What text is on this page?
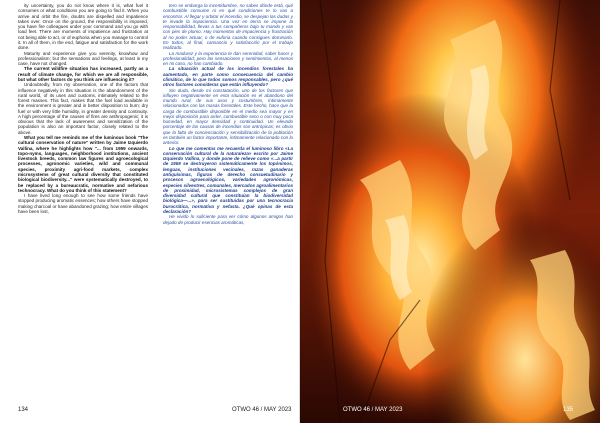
ity uncertainty, you do not know where it is, what fuel it consumes or what conditions you are going to find it. When you arrive and orbit the fire, doubts are dispelled and impatience takes over. Once on the ground, the responsibility is imposed, you have fire colleagues under your command and you go with load feet. There are moments of impatience and frustration at not being able to act, or of euphoria when you manage to control it. In all of them, in the end, fatigue and satisfaction for the work done.

Maturity and experience give you serenity, knowhow and professionalism; but the sensations and feelings, at least in my case, have not changed.

The current wildfire situation has increased, partly as a result of climate change, for which we are all responsible, but what other factors do you think are influencing it?

Undoubtedly, from my observation, one of the factors that influence negatively in this situation is the abandonment of the rural world, of its uses and customs, intimately related to the forest masses. This fact, makes that the fuel load available in the environment is greater and in better disposition to burn; dry fuel or with very little humidity, in greater density and continuity. A high percentage of the causes of fires are anthropogenic; it is obvious that the lack of awareness and sensitization of the population is also an important factor, closely related to the above.

What you tell me reminds me of the luminous book "The cultural conservation of nature" written by Jaime Izquierdo Vallina, where he highlights how "... from 1959 onwards, topo-nyms, languages, neighborhood institutions, ancient livestock breeds, common law figures and agroecological processes, agronomic varieties, wild and communal species, proximity agri-food markets, complex microsystems of great cultural diversity that constituted biological biodiversity..." were systematically destroyed, to be replaced by a bureaucratic, normative and nefarious technocracy. What do you think of this statement?

I have lived long enough to see how some friends have stopped producing aromatic essences; how others have stopped making charcoal or have abandoned grazing; how entire villages have been lost,

tero se embarga la incertidumbre, no sabes dónde está, qué combustible consume ni en qué condiciones te lo vas a encontrar. Al llegar y orbitar el incendio, se despejan las dudas y te invade la impaciencia. Una vez en tierra se impone la responsabilidad, llevas a tus compañeros bajo tu mando y vas con pies de plomo. Hay momentos de impaciencia y frustración al no poder actuar, o de euforia cuando consigues dominarlo. En todos, al final, cansancio y satisfacción por el trabajo realizado.

La madurez y la experiencia te dan serenidad, saber hacer y profesionalidad; pero las sensaciones y sentimientos, al menos en mi caso, no han cambiado.

La situación actual de los incendios forestales ha aumentado, en parte como consecuencia del cambio climático, de lo que todos somos responsables, pero ¿qué otros factores consideras que están influyendo?

Sin duda, desde mi constatación, uno de los factores que influyen negativamente en esta situación es el abandono del mundo rural, de sus usos y costumbres, íntimamente relacionados con las masas forestales. Este hecho, hace que la carga de combustible disponible en el medio sea mayor y en mejor disposición para arder, combustible seco o con muy poca humedad, en mayor densidad y continuidad. Un elevado porcentaje de las causas de incendios son antrópicas; es obvio que la falta de concienciación y sensibilización de la población es también un factor importante, íntimamente relacionado con lo anterior.

Lo que me comentas me recuerda el luminoso libro «La conservación cultural de la naturaleza» escrito por Jaime Izquierdo Vallina, y donde pone de relieve como «...a partir de 1959 se destruyeron sistemáticamente los topónimos, lenguas, instituciones vecinales, razas ganaderas antiquísimas, figuras de derecho consuetudinario y procesos agroecológicos, variedades agronómicas, especies silvestres, comunales, mercados agroalimentarios de proximidad, microsistemas complejos de gran diversidad cultural que constituían la biodiversidad biológica—...», para ser sustituidas por una tecnocracia burocrática, normativa y nefasta. ¿Qué opinas de esta declaración?

He vivido lo suficiente para ver cómo algunos amigos han dejado de producir esencias aromáticas,

134	OTWO 46 / MAY 2023	OTWO 46 / MAY 2023	135
